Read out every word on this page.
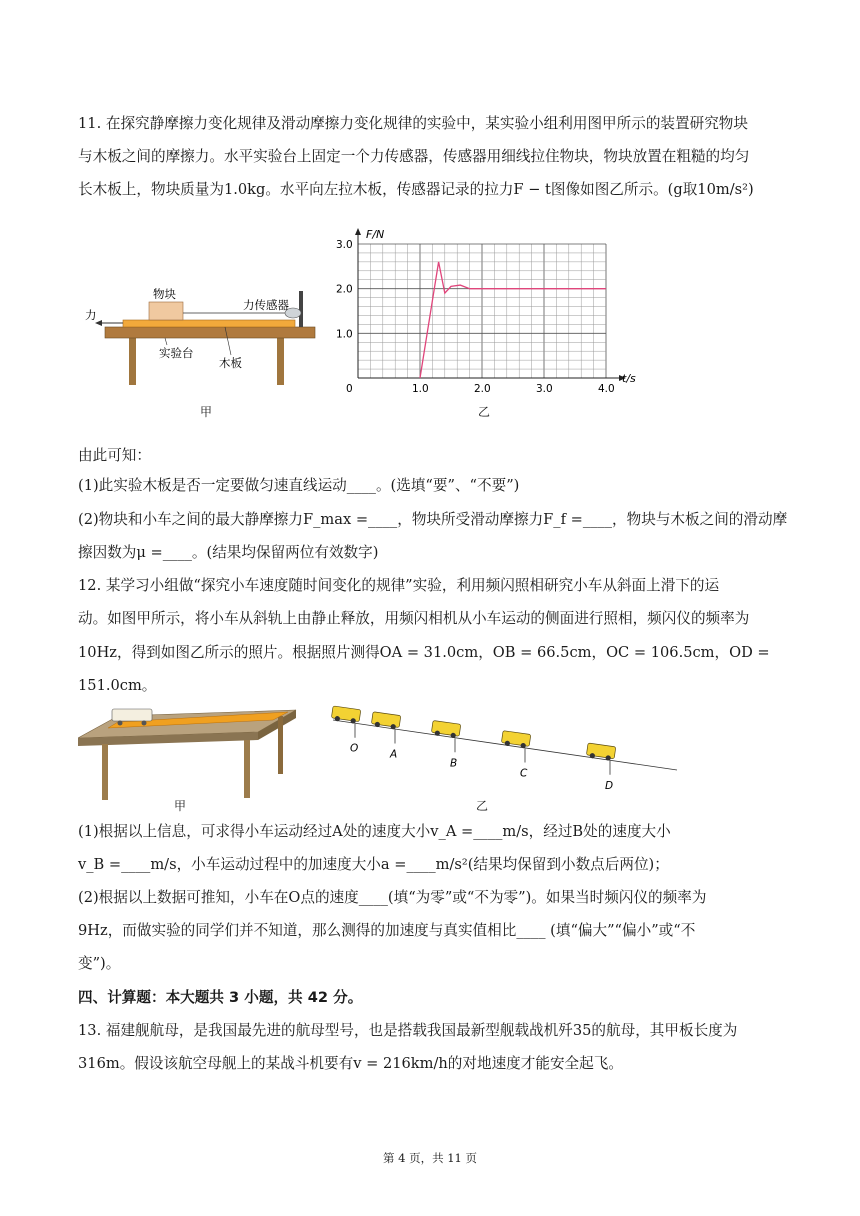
11. 在探究静摩擦力变化规律及滑动摩擦力变化规律的实验中，某实验小组利用图甲所示的装置研究物块

与木板之间的摩擦力。水平实验台上固定一个力传感器，传感器用细线拉住物块，物块放置在粗糙的均匀

长木板上，物块质量为1.0kg。水平向左拉木板，传感器记录的拉力F − t图像如图乙所示。(g取10m/s²)

物块
力传感器
力
实验台
木板
甲
0	1.0	2.0	3.0	4.0
1.0
2.0
3.0
F/N
t/s
乙

由此可知：

(1)此实验木板是否一定要做匀速直线运动____。(选填“要”、“不要”)

(2)物块和小车之间的最大静摩擦力F_max =____，物块所受滑动摩擦力F_f =____，物块与木板之间的滑动摩

擦因数为μ =____。(结果均保留两位有效数字)

12. 某学习小组做“探究小车速度随时间变化的规律”实验，利用频闪照相研究小车从斜面上滑下的运

动。如图甲所示，将小车从斜轨上由静止释放，用频闪相机从小车运动的侧面进行照相，频闪仪的频率为

10Hz，得到如图乙所示的照片。根据照片测得OA = 31.0cm，OB = 66.5cm，OC = 106.5cm，OD =

151.0cm。

甲
O	A
B
C
D
乙

(1)根据以上信息，可求得小车运动经过A处的速度大小v_A =____m/s，经过B处的速度大小

v_B =____m/s，小车运动过程中的加速度大小a =____m/s²(结果均保留到小数点后两位)；

(2)根据以上数据可推知，小车在O点的速度____(填“为零”或“不为零”)。如果当时频闪仪的频率为

9Hz，而做实验的同学们并不知道，那么测得的加速度与真实值相比____ (填“偏大”“偏小”或“不

变”)。

四、计算题：本大题共 3 小题，共 42 分。

13. 福建舰航母，是我国最先进的航母型号，也是搭载我国最新型舰载战机歼35的航母，其甲板长度为

316m。假设该航空母舰上的某战斗机要有v = 216km/h的对地速度才能安全起飞。

第 4 页，共 11 页
